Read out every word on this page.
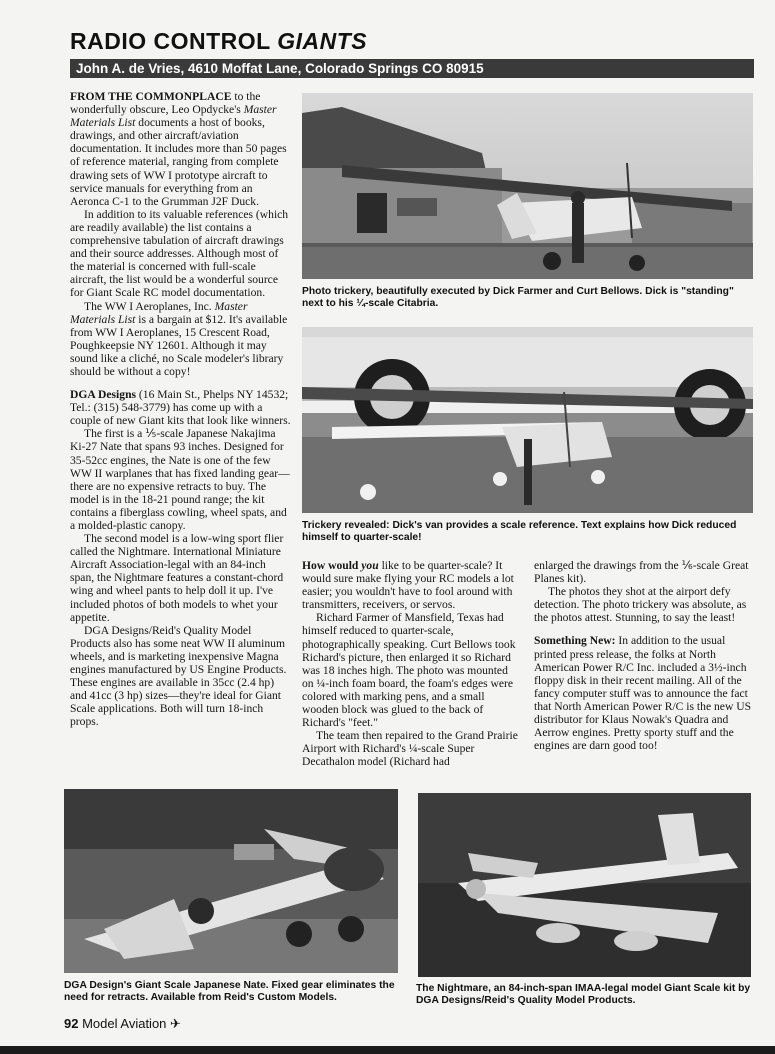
RADIO CONTROL GIANTS
John A. de Vries, 4610 Moffat Lane, Colorado Springs CO 80915

FROM THE COMMONPLACE to the wonderfully obscure, Leo Opdycke's Master Materials List documents a host of books, drawings, and other aircraft/aviation documentation. It includes more than 50 pages of reference material, ranging from complete drawing sets of WW I prototype aircraft to service manuals for everything from an Aeronca C-1 to the Grumman J2F Duck.

In addition to its valuable references (which are readily available) the list contains a comprehensive tabulation of aircraft drawings and their source addresses. Although most of the material is concerned with full-scale aircraft, the list would be a wonderful source for Giant Scale RC model documentation.

The WW I Aeroplanes, Inc. Master Materials List is a bargain at $12. It's available from WW I Aeroplanes, 15 Crescent Road, Poughkeepsie NY 12601. Although it may sound like a cliché, no Scale modeler's library should be without a copy!

DGA Designs (16 Main St., Phelps NY 14532; Tel.: (315) 548-3779) has come up with a couple of new Giant kits that look like winners.

The first is a ⅕-scale Japanese Nakajima Ki-27 Nate that spans 93 inches. Designed for 35-52cc engines, the Nate is one of the few WW II warplanes that has fixed landing gear—there are no expensive retracts to buy. The model is in the 18-21 pound range; the kit contains a fiberglass cowling, wheel spats, and a molded-plastic canopy.

The second model is a low-wing sport flier called the Nightmare. International Miniature Aircraft Association-legal with an 84-inch span, the Nightmare features a constant-chord wing and wheel pants to help doll it up. I've included photos of both models to whet your appetite.

DGA Designs/Reid's Quality Model Products also has some neat WW II aluminum wheels, and is marketing inexpensive Magna engines manufactured by US Engine Products. These engines are available in 35cc (2.4 hp) and 41cc (3 hp) sizes—they're ideal for Giant Scale applications. Both will turn 18-inch props.

Photo trickery, beautifully executed by Dick Farmer and Curt Bellows. Dick is "standing" next to his ¼-scale Citabria.
Trickery revealed: Dick's van provides a scale reference. Text explains how Dick reduced himself to quarter-scale!

How would you like to be quarter-scale? It would sure make flying your RC models a lot easier; you wouldn't have to fool around with transmitters, receivers, or servos.

Richard Farmer of Mansfield, Texas had himself reduced to quarter-scale, photographically speaking. Curt Bellows took Richard's picture, then enlarged it so Richard was 18 inches high. The photo was mounted on ¼-inch foam board, the foam's edges were colored with marking pens, and a small wooden block was glued to the back of Richard's "feet."

The team then repaired to the Grand Prairie Airport with Richard's ¼-scale Super Decathalon model (Richard had

enlarged the drawings from the ⅙-scale Great Planes kit).

The photos they shot at the airport defy detection. The photo trickery was absolute, as the photos attest. Stunning, to say the least!

Something New: In addition to the usual printed press release, the folks at North American Power R/C Inc. included a 3½-inch floppy disk in their recent mailing. All of the fancy computer stuff was to announce the fact that North American Power R/C is the new US distributor for Klaus Nowak's Quadra and Aerrow engines. Pretty sporty stuff and the engines are darn good too!

DGA Design's Giant Scale Japanese Nate. Fixed gear eliminates the need for retracts. Available from Reid's Custom Models.
The Nightmare, an 84-inch-span IMAA-legal model Giant Scale kit by DGA Designs/Reid's Quality Model Products.
92 Model Aviation ✈
